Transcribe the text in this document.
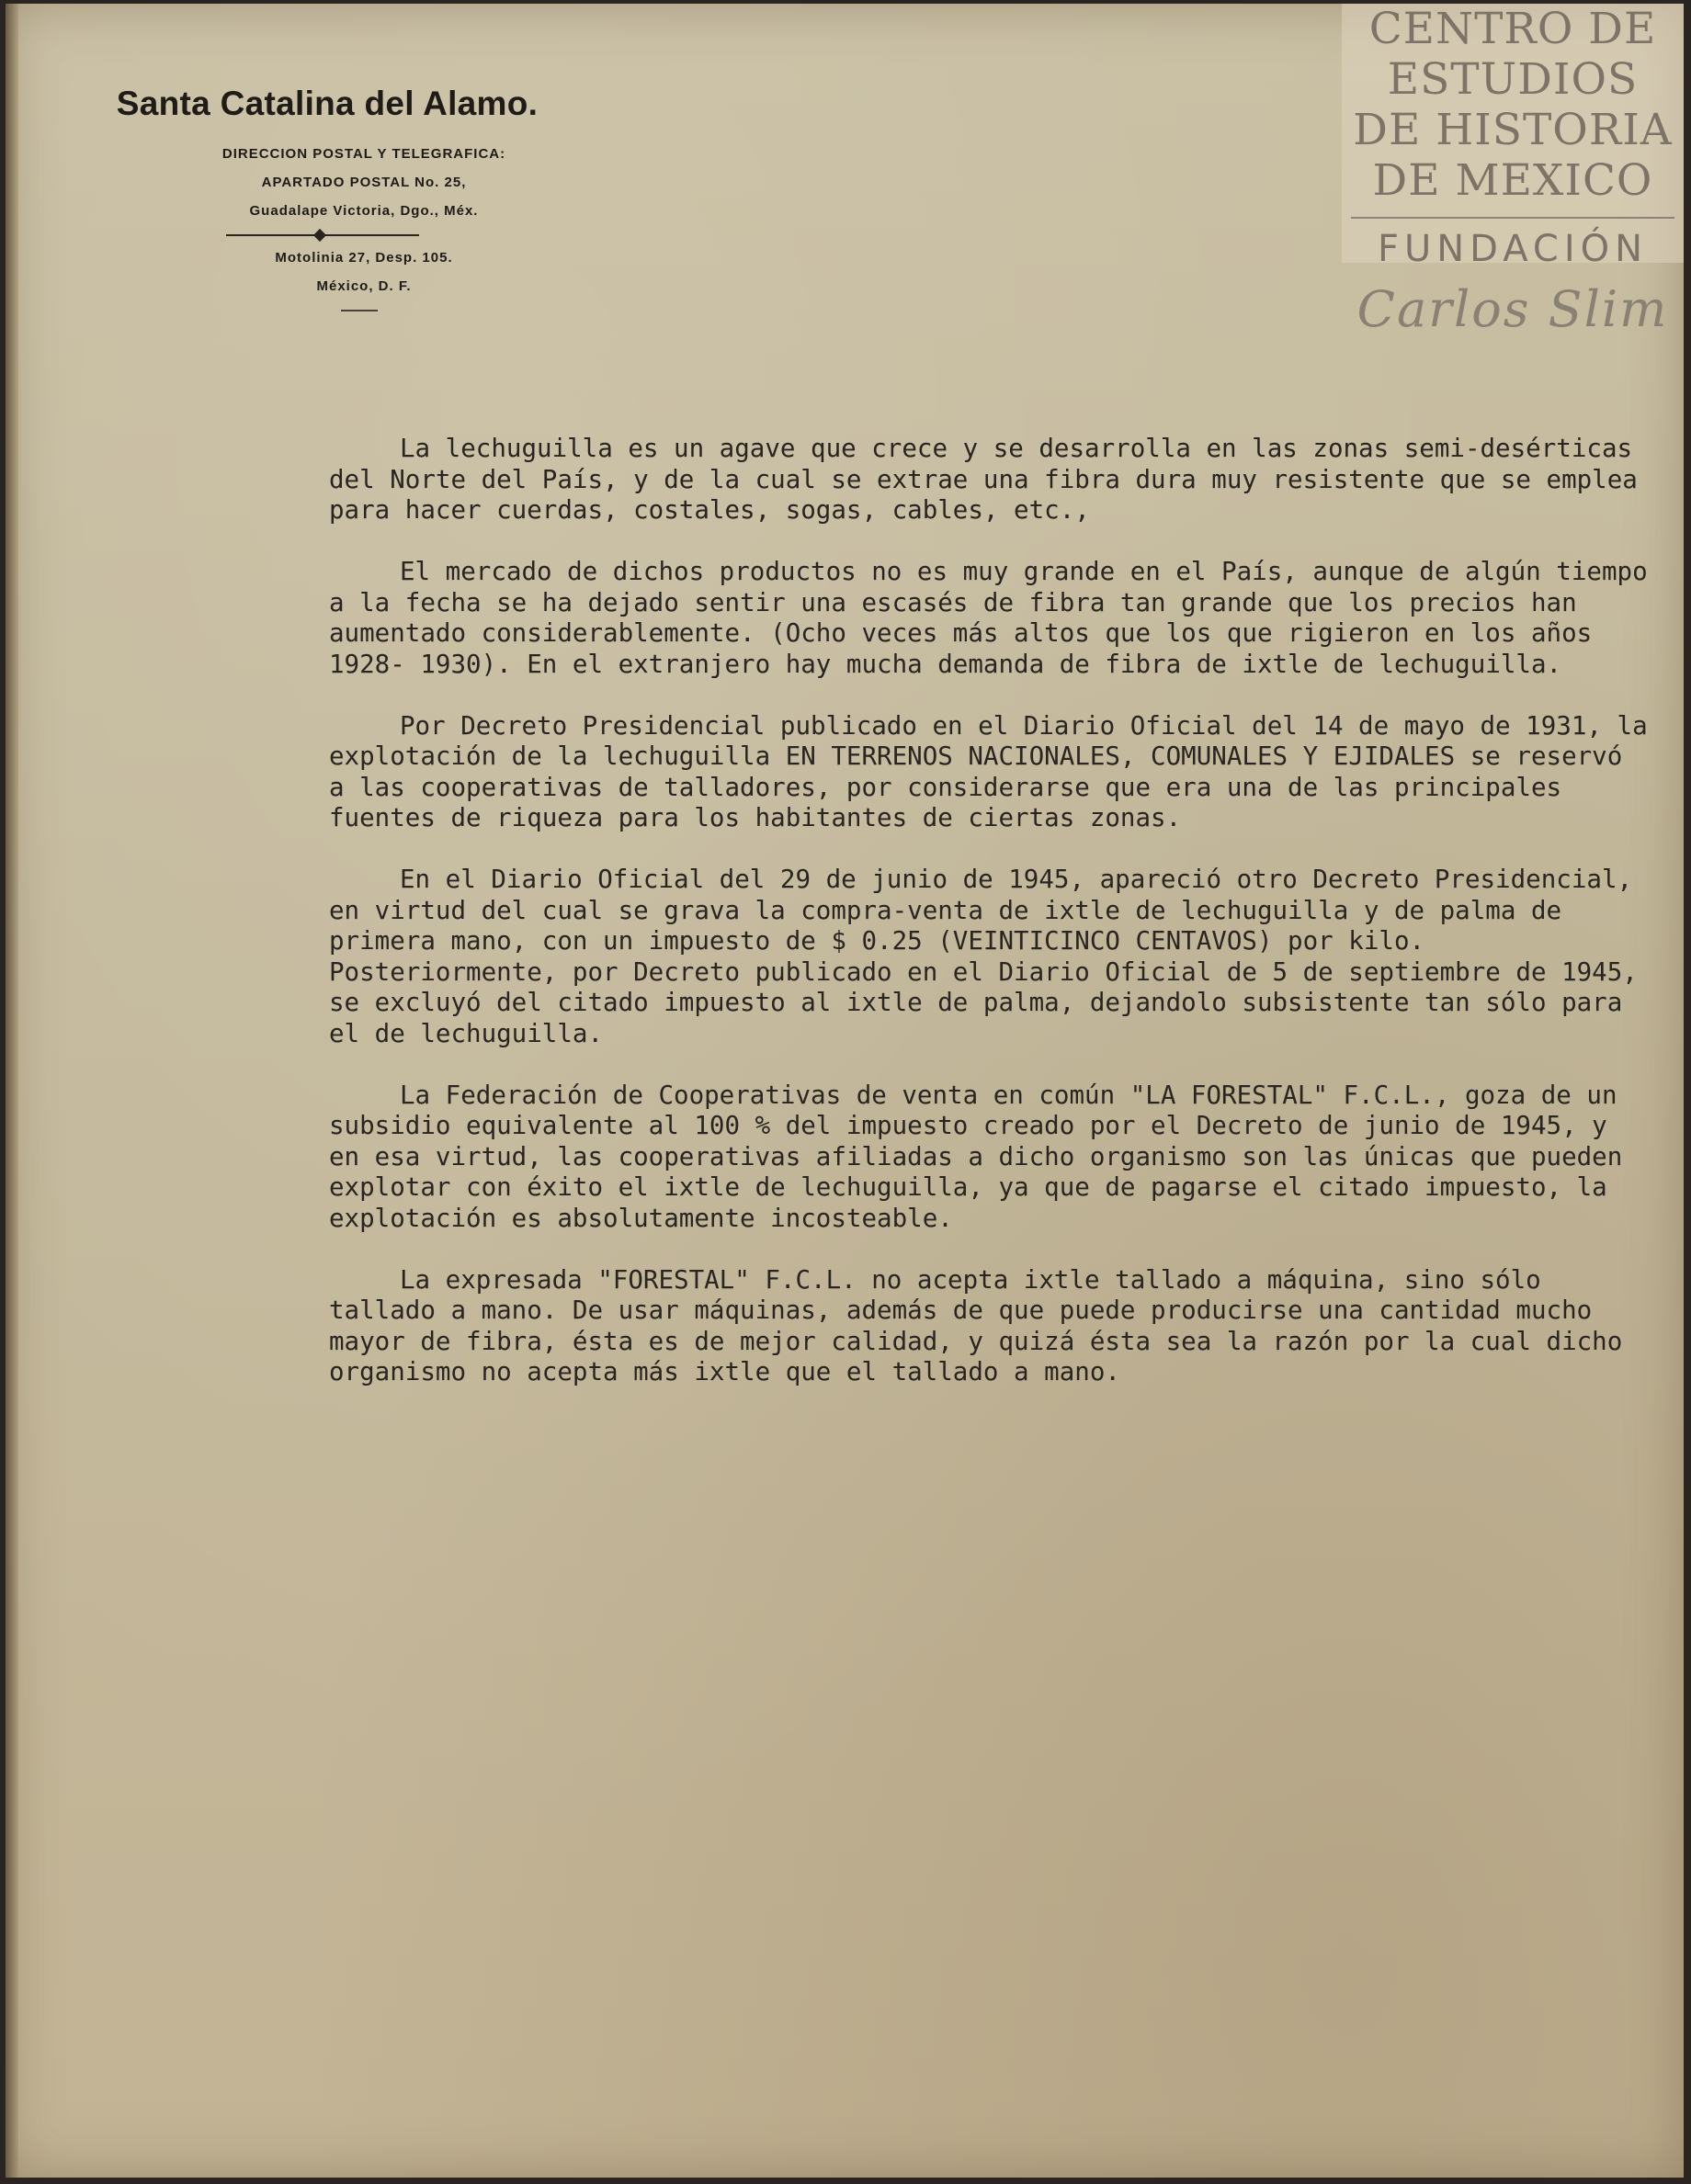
Santa Catalina del Alamo.
DIRECCION POSTAL Y TELEGRAFICA:
APARTADO POSTAL No. 25,
Guadalape Victoria, Dgo., Méx.
Motolinia 27, Desp. 105.
México, D. F.
CENTRO DE
ESTUDIOS
DE HISTORIA
DE MEXICO
FUNDACIÓN
Carlos Slim

La lechuguilla es un agave que crece y se desarrolla en las zonas semi-desérticas del Norte del País, y de la cual se extrae una fibra dura muy resistente que se emplea para hacer cuerdas, costales, sogas, cables, etc.,

El mercado de dichos productos no es muy grande en el País, aunque de algún tiempo a la fecha se ha dejado sentir una escasés de fibra tan grande que los precios han aumentado considerablemente. (Ocho veces más altos que los que rigieron en los años 1928- 1930). En el extranjero hay mucha demanda de fibra de ixtle de lechuguilla.

Por Decreto Presidencial publicado en el Diario Oficial del 14 de mayo de 1931, la explotación de la lechuguilla EN TERRENOS NACIONALES, COMUNALES Y EJIDALES se reservó a las cooperativas de talladores, por considerarse que era una de las principales fuentes de riqueza para los habitantes de ciertas zonas.

En el Diario Oficial del 29 de junio de 1945, apareció otro Decreto Presidencial, en virtud del cual se grava la compra-venta de ixtle de lechuguilla y de palma de primera mano, con un impuesto de $ 0.25 (VEINTICINCO CENTAVOS) por kilo. Posteriormente, por Decreto publicado en el Diario Oficial de 5 de septiembre de 1945, se excluyó del citado impuesto al ixtle de palma, dejandolo subsistente tan sólo para el de lechuguilla.

La Federación de Cooperativas de venta en común "LA FORESTAL" F.C.L., goza de un subsidio equivalente al 100 % del impuesto creado por el Decreto de junio de 1945, y en esa virtud, las cooperativas afiliadas a dicho organismo son las únicas que pueden explotar con éxito el ixtle de lechuguilla, ya que de pagarse el citado impuesto, la explotación es absolutamente incosteable.

La expresada "FORESTAL" F.C.L. no acepta ixtle tallado a máquina, sino sólo tallado a mano. De usar máquinas, además de que puede producirse una cantidad mucho mayor de fibra, ésta es de mejor calidad, y quizá ésta sea la razón por la cual dicho organismo no acepta más ixtle que el tallado a mano.
